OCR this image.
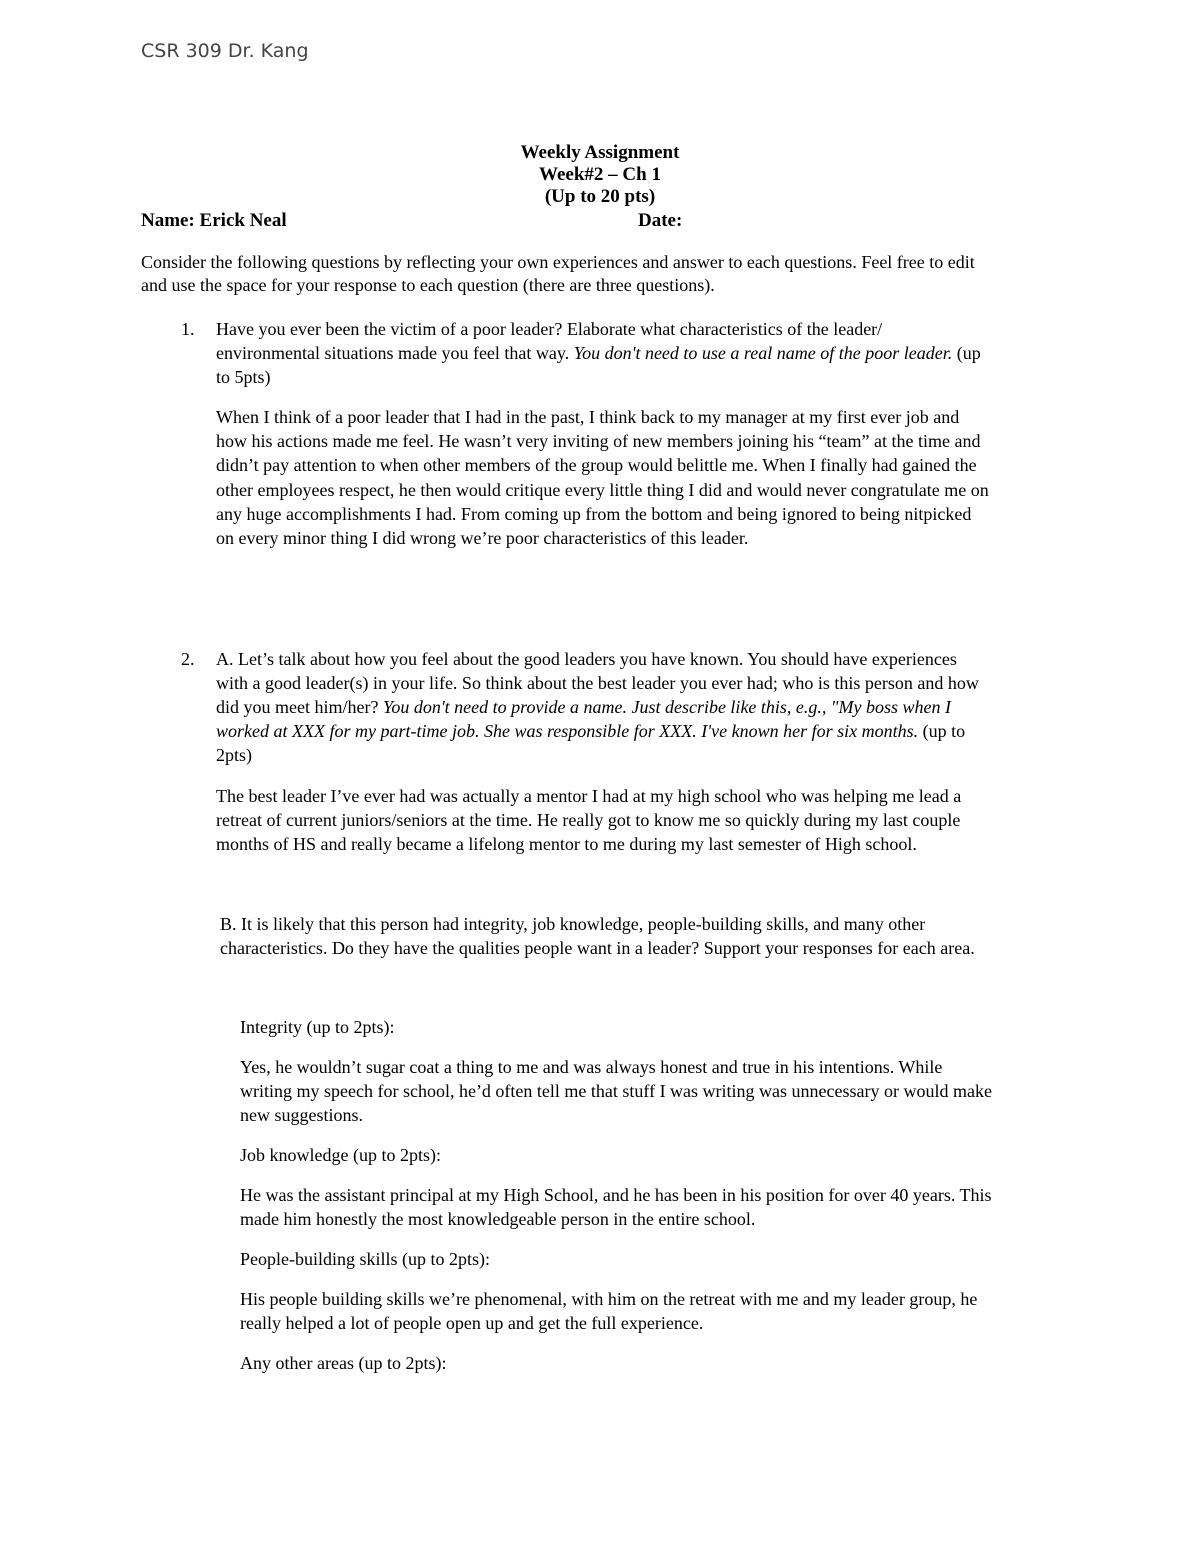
CSR 309 Dr. Kang
Weekly Assignment
Week#2 – Ch 1
(Up to 20 pts)
Name: Erick Neal	Date:
Consider the following questions by reflecting your own experiences and answer to each questions. Feel free to edit
and use the space for your response to each question (there are three questions).
1. Have you ever been the victim of a poor leader? Elaborate what characteristics of the leader/
environmental situations made you feel that way. You don't need to use a real name of the poor leader. (up
to 5pts)
When I think of a poor leader that I had in the past, I think back to my manager at my first ever job and
how his actions made me feel. He wasn’t very inviting of new members joining his “team” at the time and
didn’t pay attention to when other members of the group would belittle me. When I finally had gained the
other employees respect, he then would critique every little thing I did and would never congratulate me on
any huge accomplishments I had. From coming up from the bottom and being ignored to being nitpicked
on every minor thing I did wrong we’re poor characteristics of this leader.
2. A. Let’s talk about how you feel about the good leaders you have known. You should have experiences
with a good leader(s) in your life. So think about the best leader you ever had; who is this person and how
did you meet him/her? You don't need to provide a name. Just describe like this, e.g., "My boss when I
worked at XXX for my part-time job. She was responsible for XXX. I've known her for six months. (up to
2pts)
The best leader I’ve ever had was actually a mentor I had at my high school who was helping me lead a
retreat of current juniors/seniors at the time. He really got to know me so quickly during my last couple
months of HS and really became a lifelong mentor to me during my last semester of High school.
B. It is likely that this person had integrity, job knowledge, people-building skills, and many other
characteristics. Do they have the qualities people want in a leader? Support your responses for each area.
Integrity (up to 2pts):
Yes, he wouldn’t sugar coat a thing to me and was always honest and true in his intentions. While
writing my speech for school, he’d often tell me that stuff I was writing was unnecessary or would make
new suggestions.
Job knowledge (up to 2pts):
He was the assistant principal at my High School, and he has been in his position for over 40 years. This
made him honestly the most knowledgeable person in the entire school.
People-building skills (up to 2pts):
His people building skills we’re phenomenal, with him on the retreat with me and my leader group, he
really helped a lot of people open up and get the full experience.
Any other areas (up to 2pts):
